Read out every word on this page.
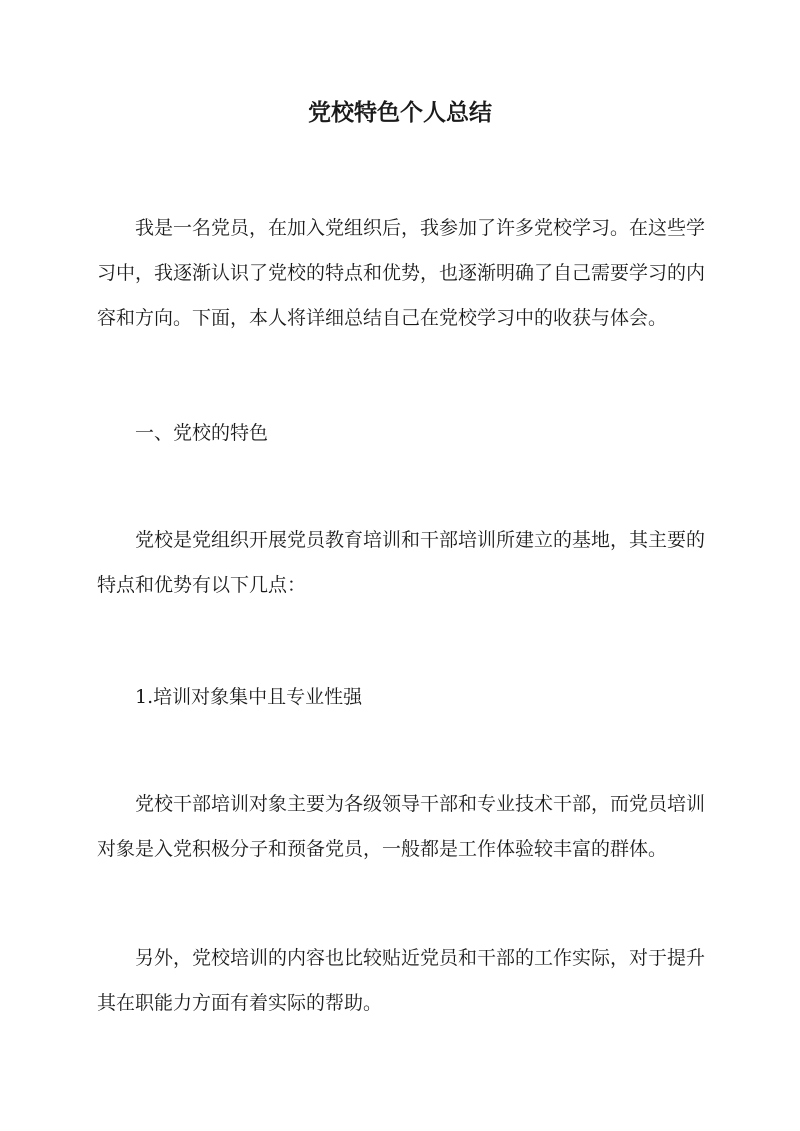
党校特色个人总结

我是一名党员，在加入党组织后，我参加了许多党校学习。在这些学习中，我逐渐认识了党校的特点和优势，也逐渐明确了自己需要学习的内容和方向。下面，本人将详细总结自己在党校学习中的收获与体会。

一、党校的特色

党校是党组织开展党员教育培训和干部培训所建立的基地，其主要的特点和优势有以下几点：

1.培训对象集中且专业性强

党校干部培训对象主要为各级领导干部和专业技术干部，而党员培训对象是入党积极分子和预备党员，一般都是工作体验较丰富的群体。

另外，党校培训的内容也比较贴近党员和干部的工作实际，对于提升其在职能力方面有着实际的帮助。
